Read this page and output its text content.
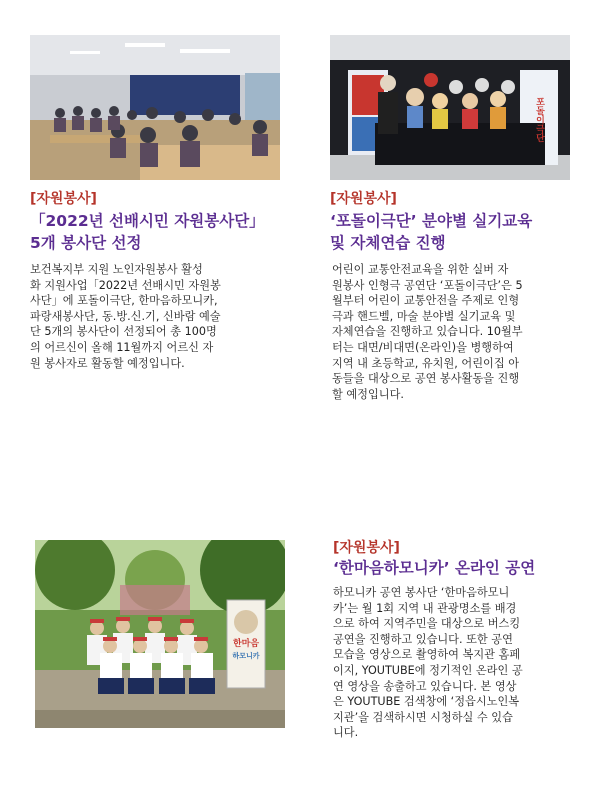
[자원봉사]
「2022년 선배시민 자원봉사단」
5개 봉사단 선정
보건복지부 지원 노인자원봉사 활성
화 지원사업「2022년 선배시민 자원봉
사단」에 포돌이극단, 한마음하모니카,
파랑새봉사단, 동.방.신.기, 신바람 예술
단 5개의 봉사단이 선정되어 총 100명
의 어르신이 올해 11월까지 어르신 자
원 봉사자로 활동할 예정입니다.
포돌이극단
[자원봉사]
‘포돌이극단’ 분야별 실기교육
및 자체연습 진행
어린이 교통안전교육을 위한 실버 자
원봉사 인형극 공연단 ‘포돌이극단’은 5
월부터 어린이 교통안전을 주제로 인형
극과 핸드벨, 마술 분야별 실기교육 및
자체연습을 진행하고 있습니다. 10월부
터는 대면/비대면(온라인)을 병행하여
지역 내 초등학교, 유치원, 어린이집 아
동들을 대상으로 공연 봉사활동을 진행
할 예정입니다.
한마음
하모니카
[자원봉사]
‘한마음하모니카’ 온라인 공연
하모니카 공연 봉사단 ‘한마음하모니
카’는 월 1회 지역 내 관광명소를 배경
으로 하여 지역주민을 대상으로 버스킹
공연을 진행하고 있습니다. 또한 공연
모습을 영상으로 촬영하여 복지관 홈페
이지, YOUTUBE에 정기적인 온라인 공
연 영상을 송출하고 있습니다. 본 영상
은 YOUTUBE 검색창에 ‘정읍시노인복
지관’을 검색하시면 시청하실 수 있습
니다.
